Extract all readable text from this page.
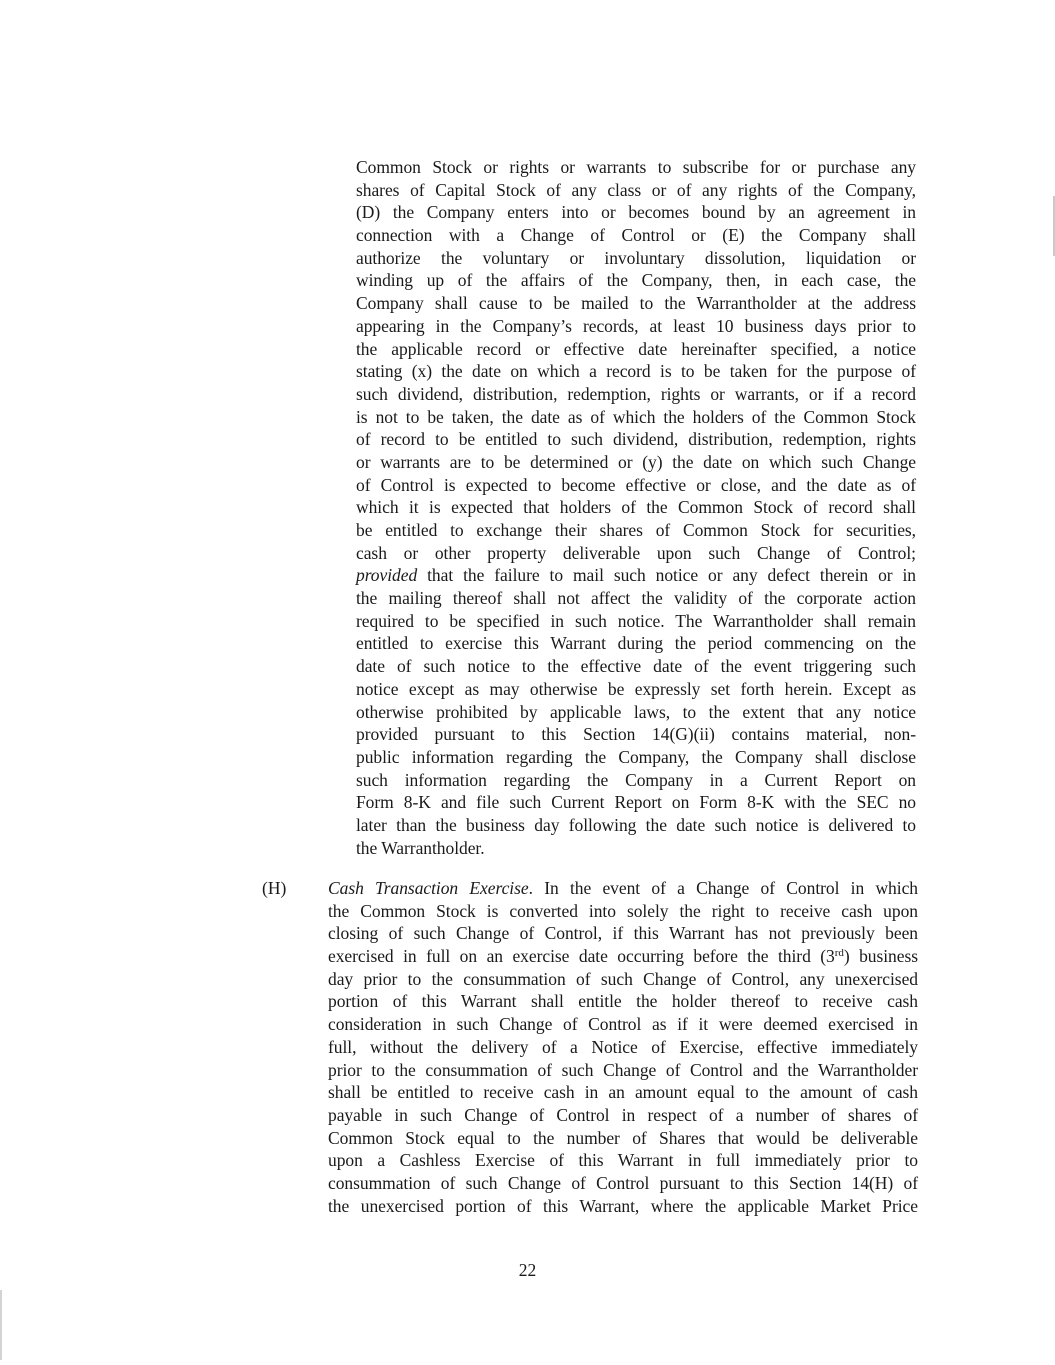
Common Stock or rights or warrants to subscribe for or purchase any
shares of Capital Stock of any class or of any rights of the Company,
(D) the Company enters into or becomes bound by an agreement in
connection with a Change of Control or (E) the Company shall
authorize the voluntary or involuntary dissolution, liquidation or
winding up of the affairs of the Company, then, in each case, the
Company shall cause to be mailed to the Warrantholder at the address
appearing in the Company’s records, at least 10 business days prior to
the applicable record or effective date hereinafter specified, a notice
stating (x) the date on which a record is to be taken for the purpose of
such dividend, distribution, redemption, rights or warrants, or if a record
is not to be taken, the date as of which the holders of the Common Stock
of record to be entitled to such dividend, distribution, redemption, rights
or warrants are to be determined or (y) the date on which such Change
of Control is expected to become effective or close, and the date as of
which it is expected that holders of the Common Stock of record shall
be entitled to exchange their shares of Common Stock for securities,
cash or other property deliverable upon such Change of Control;
provided that the failure to mail such notice or any defect therein or in
the mailing thereof shall not affect the validity of the corporate action
required to be specified in such notice. The Warrantholder shall remain
entitled to exercise this Warrant during the period commencing on the
date of such notice to the effective date of the event triggering such
notice except as may otherwise be expressly set forth herein. Except as
otherwise prohibited by applicable laws, to the extent that any notice
provided pursuant to this Section 14(G)(ii) contains material, non-
public information regarding the Company, the Company shall disclose
such information regarding the Company in a Current Report on
Form 8-K and file such Current Report on Form 8-K with the SEC no
later than the business day following the date such notice is delivered to
the Warrantholder.
(H) Cash Transaction Exercise. In the event of a Change of Control in which
the Common Stock is converted into solely the right to receive cash upon
closing of such Change of Control, if this Warrant has not previously been
exercised in full on an exercise date occurring before the third (3rd) business
day prior to the consummation of such Change of Control, any unexercised
portion of this Warrant shall entitle the holder thereof to receive cash
consideration in such Change of Control as if it were deemed exercised in
full, without the delivery of a Notice of Exercise, effective immediately
prior to the consummation of such Change of Control and the Warrantholder
shall be entitled to receive cash in an amount equal to the amount of cash
payable in such Change of Control in respect of a number of shares of
Common Stock equal to the number of Shares that would be deliverable
upon a Cashless Exercise of this Warrant in full immediately prior to
consummation of such Change of Control pursuant to this Section 14(H) of
the unexercised portion of this Warrant, where the applicable Market Price
22
